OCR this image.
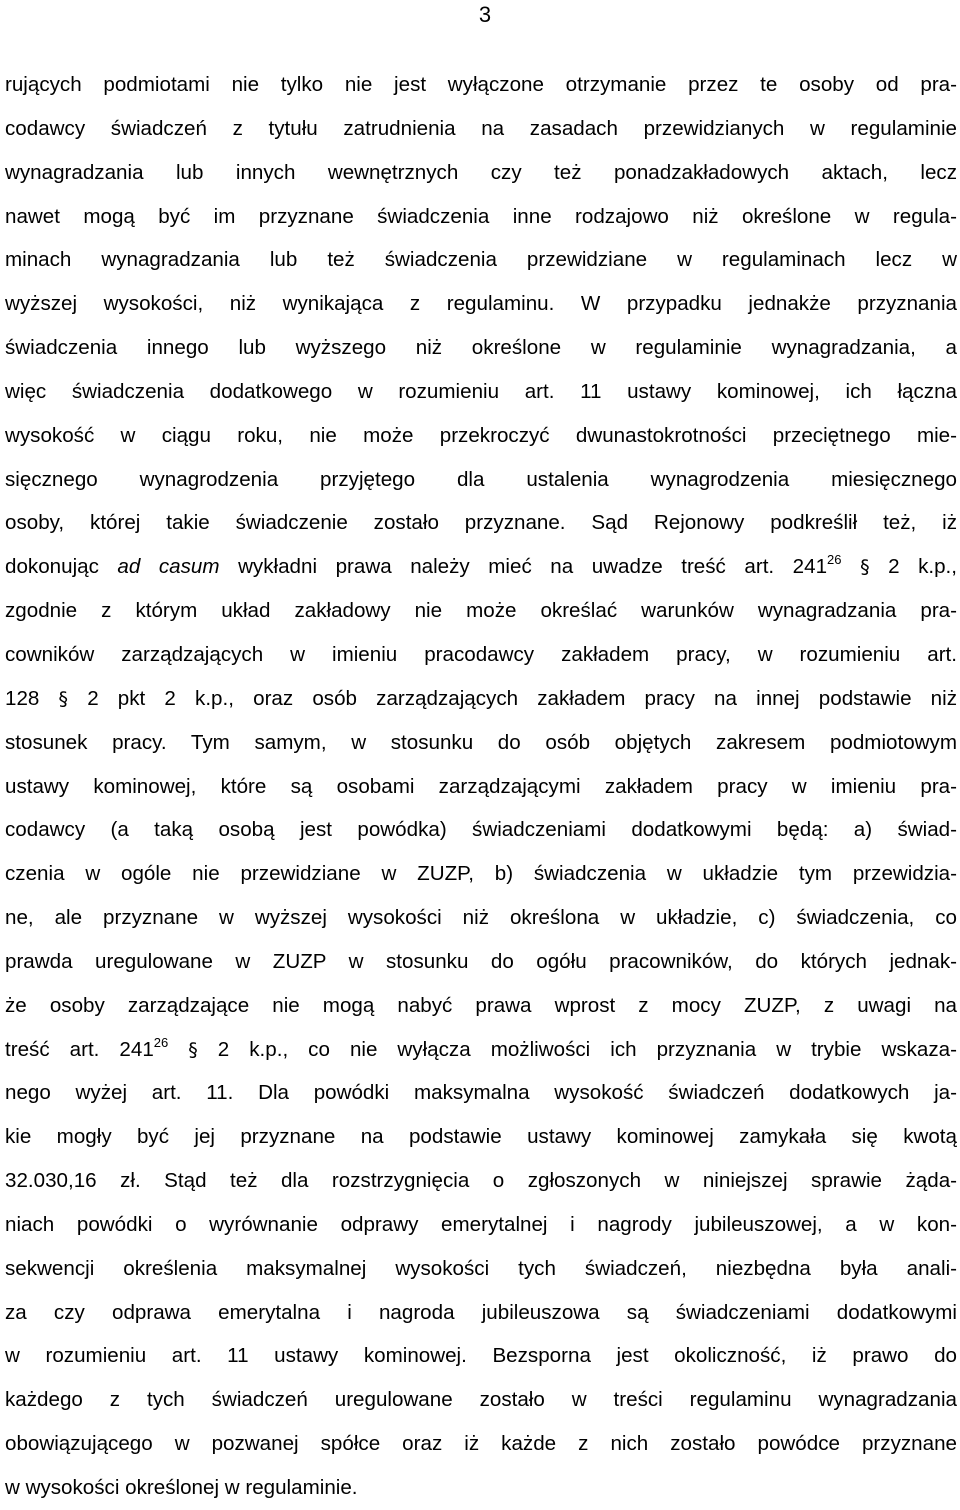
3
rujących podmiotami nie tylko nie jest wyłączone otrzymanie przez te osoby od pra-
codawcy świadczeń z tytułu zatrudnienia na zasadach przewidzianych w regulaminie
wynagradzania lub innych wewnętrznych czy też ponadzakładowych aktach, lecz
nawet mogą być im przyznane świadczenia inne rodzajowo niż określone w regula-
minach wynagradzania lub też świadczenia przewidziane w regulaminach lecz w
wyższej wysokości, niż wynikająca z regulaminu. W przypadku jednakże przyznania
świadczenia innego lub wyższego niż określone w regulaminie wynagradzania, a
więc świadczenia dodatkowego w rozumieniu art. 11 ustawy kominowej, ich łączna
wysokość w ciągu roku, nie może przekroczyć dwunastokrotności przeciętnego mie-
sięcznego wynagrodzenia przyjętego dla ustalenia wynagrodzenia miesięcznego
osoby, której takie świadczenie zostało przyznane. Sąd Rejonowy podkreślił też, iż
dokonując ad casum wykładni prawa należy mieć na uwadze treść art. $241^{26}$ § 2 k.p.,
zgodnie z którym układ zakładowy nie może określać warunków wynagradzania pra-
cowników zarządzających w imieniu pracodawcy zakładem pracy, w rozumieniu art.
128 § 2 pkt 2 k.p., oraz osób zarządzających zakładem pracy na innej podstawie niż
stosunek pracy. Tym samym, w stosunku do osób objętych zakresem podmiotowym
ustawy kominowej, które są osobami zarządzającymi zakładem pracy w imieniu pra-
codawcy (a taką osobą jest powódka) świadczeniami dodatkowymi będą: a) świad-
czenia w ogóle nie przewidziane w ZUZP, b) świadczenia w układzie tym przewidzia-
ne, ale przyznane w wyższej wysokości niż określona w układzie, c) świadczenia, co
prawda uregulowane w ZUZP w stosunku do ogółu pracowników, do których jednak-
że osoby zarządzające nie mogą nabyć prawa wprost z mocy ZUZP, z uwagi na
treść art. $241^{26}$ § 2 k.p., co nie wyłącza możliwości ich przyznania w trybie wskaza-
nego wyżej art. 11. Dla powódki maksymalna wysokość świadczeń dodatkowych ja-
kie mogły być jej przyznane na podstawie ustawy kominowej zamykała się kwotą
32.030,16 zł. Stąd też dla rozstrzygnięcia o zgłoszonych w niniejszej sprawie żąda-
niach powódki o wyrównanie odprawy emerytalnej i nagrody jubileuszowej, a w kon-
sekwencji określenia maksymalnej wysokości tych świadczeń, niezbędna była anali-
za czy odprawa emerytalna i nagroda jubileuszowa są świadczeniami dodatkowymi
w rozumieniu art. 11 ustawy kominowej. Bezsporna jest okoliczność, iż prawo do
każdego z tych świadczeń uregulowane zostało w treści regulaminu wynagradzania
obowiązującego w pozwanej spółce oraz iż każde z nich zostało powódce przyznane
w wysokości określonej w regulaminie.
